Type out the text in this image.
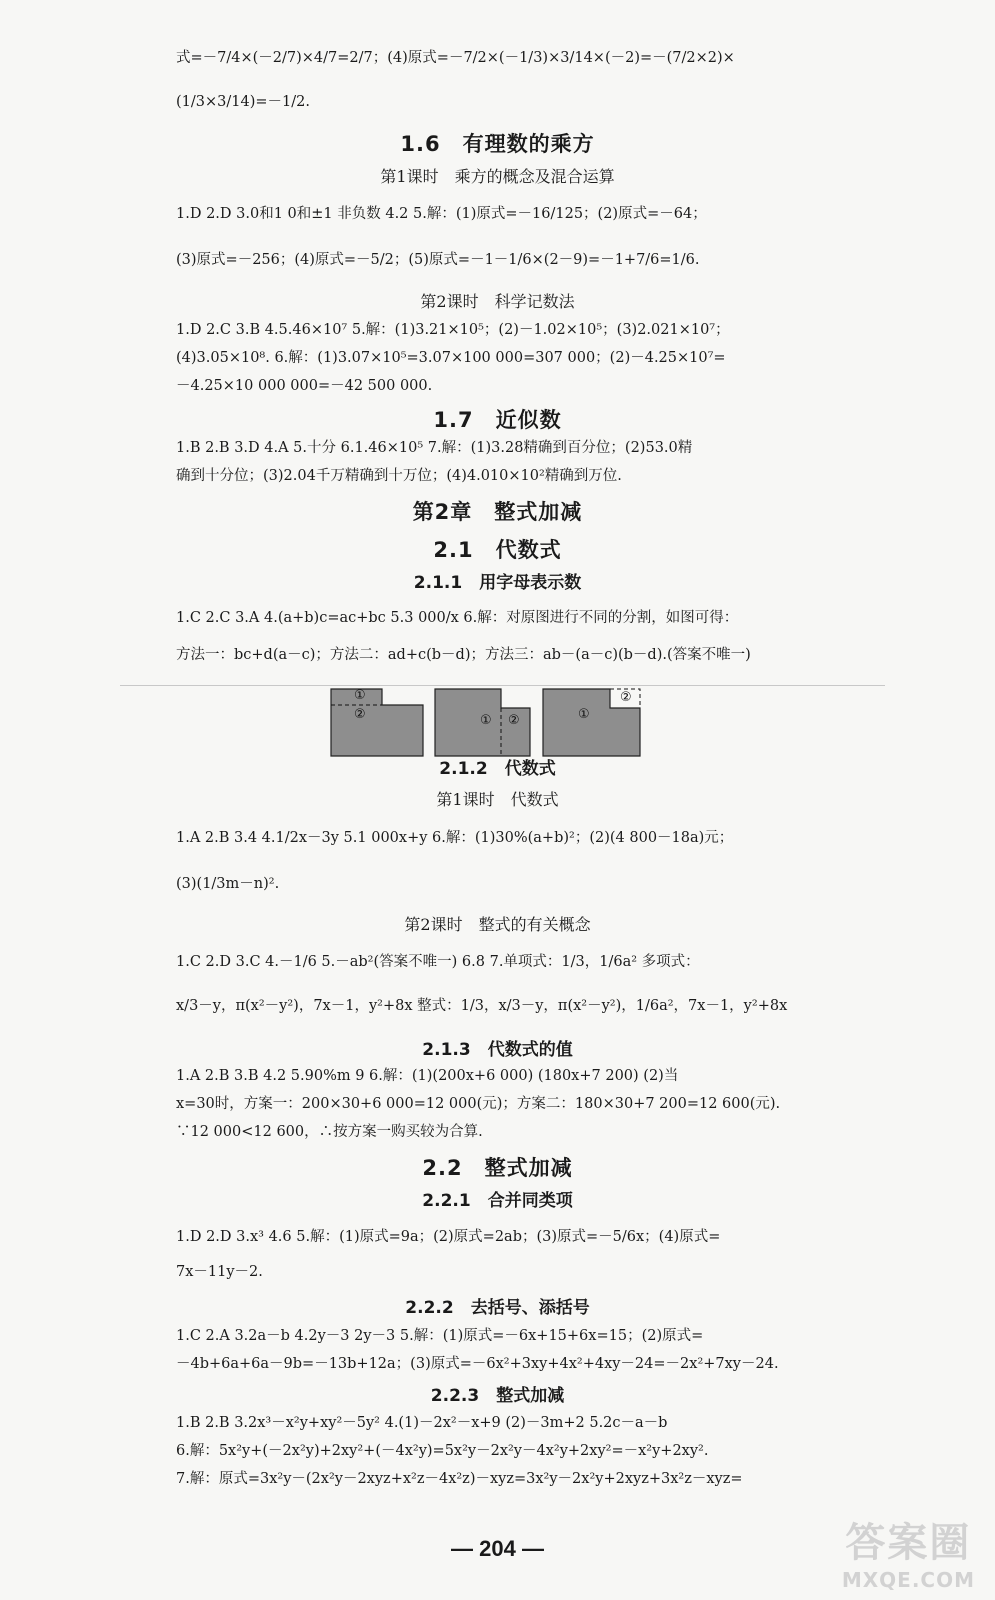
式=－7/4×(－2/7)×4/7=2/7；(4)原式=－7/2×(－1/3)×3/14×(－2)=－(7/2×2)×
(1/3×3/14)=－1/2.
1.6　有理数的乘方
第1课时　乘方的概念及混合运算
1.D 2.D 3.0和1 0和±1 非负数 4.2 5.解：(1)原式=－16/125；(2)原式=－64；
(3)原式=－256；(4)原式=－5/2；(5)原式=－1－1/6×(2－9)=－1+7/6=1/6.
第2课时　科学记数法
1.D 2.C 3.B 4.5.46×10⁷ 5.解：(1)3.21×10⁵；(2)－1.02×10⁵；(3)2.021×10⁷；
(4)3.05×10⁸. 6.解：(1)3.07×10⁵=3.07×100 000=307 000；(2)－4.25×10⁷=
－4.25×10 000 000=－42 500 000.
1.7　近似数
1.B 2.B 3.D 4.A 5.十分 6.1.46×10⁵ 7.解：(1)3.28精确到百分位；(2)53.0精
确到十分位；(3)2.04千万精确到十万位；(4)4.010×10²精确到万位.
第2章　整式加减
2.1　代数式
2.1.1　用字母表示数
1.C 2.C 3.A 4.(a+b)c=ac+bc 5.3 000/x 6.解：对原图进行不同的分割，如图可得：
方法一：bc+d(a－c)；方法二：ad+c(b－d)；方法三：ab－(a－c)(b－d).(答案不唯一)
①
②	① ②	①
②
2.1.2　代数式
第1课时　代数式
1.A 2.B 3.4 4.1/2x－3y 5.1 000x+y 6.解：(1)30%(a+b)²；(2)(4 800－18a)元；
(3)(1/3m－n)².
第2课时　整式的有关概念
1.C 2.D 3.C 4.－1/6 5.－ab²(答案不唯一) 6.8 7.单项式：1/3，1/6a² 多项式：
x/3－y，π(x²－y²)，7x－1，y²+8x 整式：1/3，x/3－y，π(x²－y²)，1/6a²，7x－1，y²+8x
2.1.3　代数式的值
1.A 2.B 3.B 4.2 5.90%m 9 6.解：(1)(200x+6 000) (180x+7 200) (2)当
x=30时，方案一：200×30+6 000=12 000(元)；方案二：180×30+7 200=12 600(元).
∵12 000<12 600，∴按方案一购买较为合算.
2.2　整式加减
2.2.1　合并同类项
1.D 2.D 3.x³ 4.6 5.解：(1)原式=9a；(2)原式=2ab；(3)原式=－5/6x；(4)原式=
7x－11y－2.
2.2.2　去括号、添括号
1.C 2.A 3.2a－b 4.2y－3 2y－3 5.解：(1)原式=－6x+15+6x=15；(2)原式=
－4b+6a+6a－9b=－13b+12a；(3)原式=－6x²+3xy+4x²+4xy－24=－2x²+7xy－24.
2.2.3　整式加减
1.B 2.B 3.2x³－x²y+xy²－5y² 4.(1)－2x²－x+9 (2)－3m+2 5.2c－a－b
6.解：5x²y+(－2x²y)+2xy²+(－4x²y)=5x²y－2x²y－4x²y+2xy²=－x²y+2xy².
7.解：原式=3x²y－(2x²y－2xyz+x²z－4x²z)－xyz=3x²y－2x²y+2xyz+3x²z－xyz=
— 204 —	答案圈
MXQE.COM
